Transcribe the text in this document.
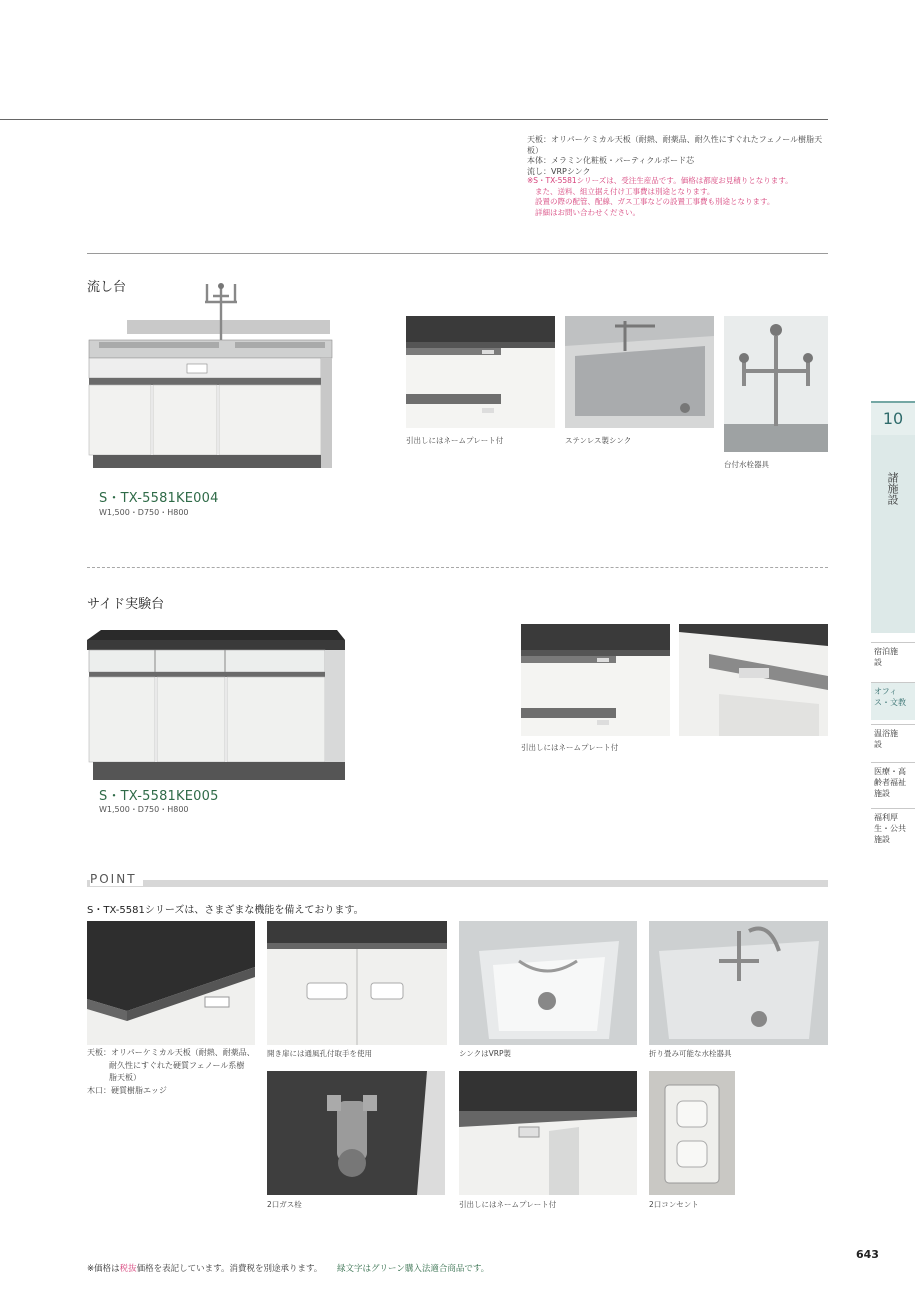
天板：オリパーケミカル天板（耐熱、耐薬品、耐久性にすぐれたフェノール樹脂天板）
本体：メラミン化粧板・パーティクルボード芯
流し：VRPシンク
※S・TX-5581シリーズは、受注生産品です。価格は都度お見積りとなります。
また、送料、組立据え付け工事費は別途となります。
設置の際の配管、配線、ガス工事などの設置工事費も別途となります。
詳細はお問い合わせください。
流し台
S・TX-5581KE004
W1,500・D750・H800
引出しにはネームプレート付	ステンレス製シンク
台付水栓器具
サイド実験台
S・TX-5581KE005
W1,500・D750・H800
引出しにはネームプレート付
POINT
S・TX-5581シリーズは、さまざまな機能を備えております。
天板：オリパーケミカル天板（耐熱、耐薬品、
耐久性にすぐれた硬質フェノール系樹
脂天板）
木口：硬質樹脂エッジ
開き扉には通風孔付取手を使用	シンクはVRP製	折り畳み可能な水栓器具
2口ガス栓	引出しにはネームプレート付	2口コンセント
10
諸施設
宿泊施設
オフィス・文教
温浴施設
医療・高齢者福祉施設
福利厚生・公共施設
※価格は税抜価格を表記しています。消費税を別途承ります。 緑文字はグリーン購入法適合商品です。
643
